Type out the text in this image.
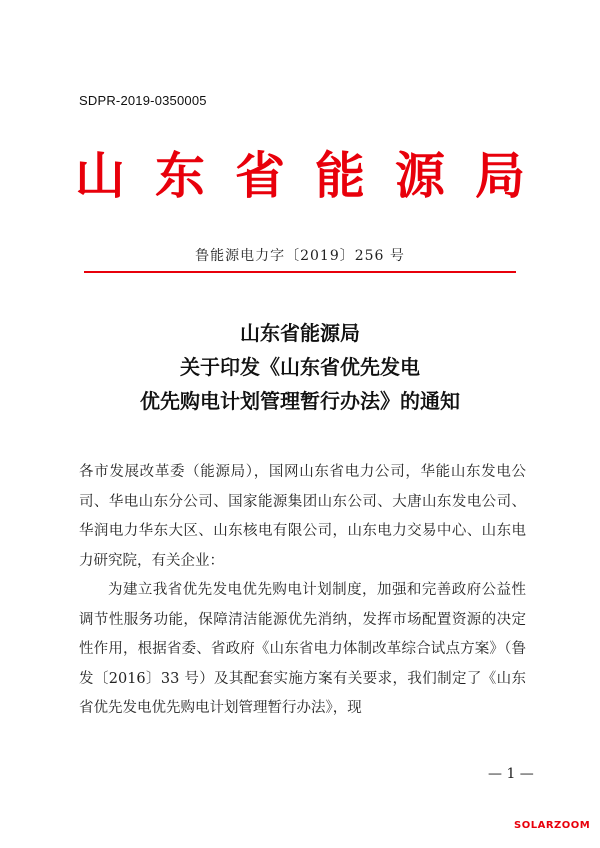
SDPR-2019-0350005
山东省能源局
鲁能源电力字〔2019〕256 号
山东省能源局
关于印发《山东省优先发电
优先购电计划管理暂行办法》的通知

各市发展改革委（能源局），国网山东省电力公司，华能山东发电公司、华电山东分公司、国家能源集团山东公司、大唐山东发电公司、华润电力华东大区、山东核电有限公司，山东电力交易中心、山东电力研究院，有关企业：

为建立我省优先发电优先购电计划制度，加强和完善政府公益性调节性服务功能，保障清洁能源优先消纳，发挥市场配置资源的决定性作用，根据省委、省政府《山东省电力体制改革综合试点方案》（鲁发〔2016〕33 号）及其配套实施方案有关要求，我们制定了《山东省优先发电优先购电计划管理暂行办法》，现

— 1 —
SOLARZOOM
